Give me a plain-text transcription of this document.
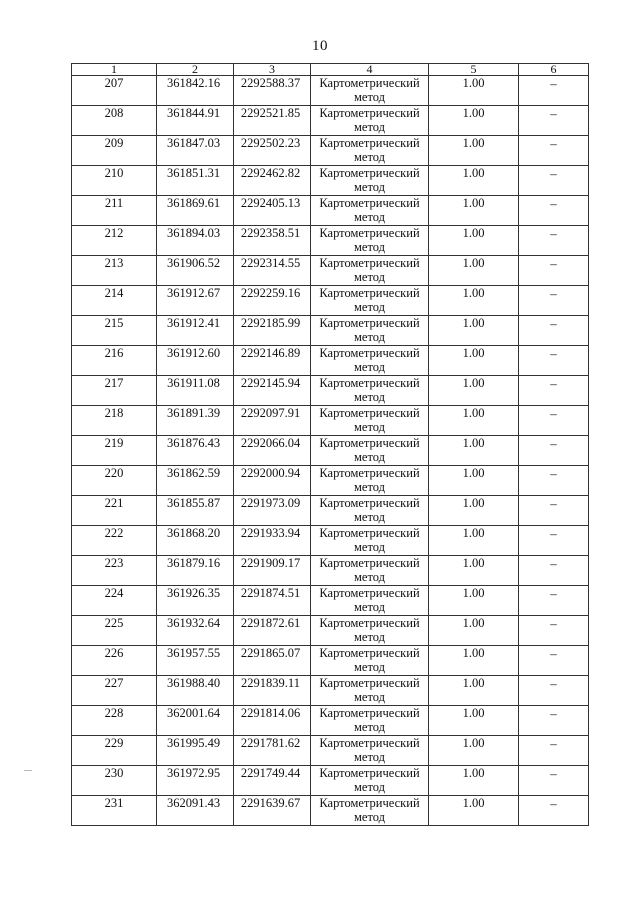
10
1	2	3	4	5	6
207	361842.16	2292588.37	Картометрический
метод	1.00	–
208	361844.91	2292521.85	Картометрический
метод	1.00	–
209	361847.03	2292502.23	Картометрический
метод	1.00	–
210	361851.31	2292462.82	Картометрический
метод	1.00	–
211	361869.61	2292405.13	Картометрический
метод	1.00	–
212	361894.03	2292358.51	Картометрический
метод	1.00	–
213	361906.52	2292314.55	Картометрический
метод	1.00	–
214	361912.67	2292259.16	Картометрический
метод	1.00	–
215	361912.41	2292185.99	Картометрический
метод	1.00	–
216	361912.60	2292146.89	Картометрический
метод	1.00	–
217	361911.08	2292145.94	Картометрический
метод	1.00	–
218	361891.39	2292097.91	Картометрический
метод	1.00	–
219	361876.43	2292066.04	Картометрический
метод	1.00	–
220	361862.59	2292000.94	Картометрический
метод	1.00	–
221	361855.87	2291973.09	Картометрический
метод	1.00	–
222	361868.20	2291933.94	Картометрический
метод	1.00	–
223	361879.16	2291909.17	Картометрический
метод	1.00	–
224	361926.35	2291874.51	Картометрический
метод	1.00	–
225	361932.64	2291872.61	Картометрический
метод	1.00	–
226	361957.55	2291865.07	Картометрический
метод	1.00	–
227	361988.40	2291839.11	Картометрический
метод	1.00	–
228	362001.64	2291814.06	Картометрический
метод	1.00	–
229	361995.49	2291781.62	Картометрический
метод	1.00	–
230	361972.95	2291749.44	Картометрический
метод	1.00	–
231	362091.43	2291639.67	Картометрический
метод	1.00	–
